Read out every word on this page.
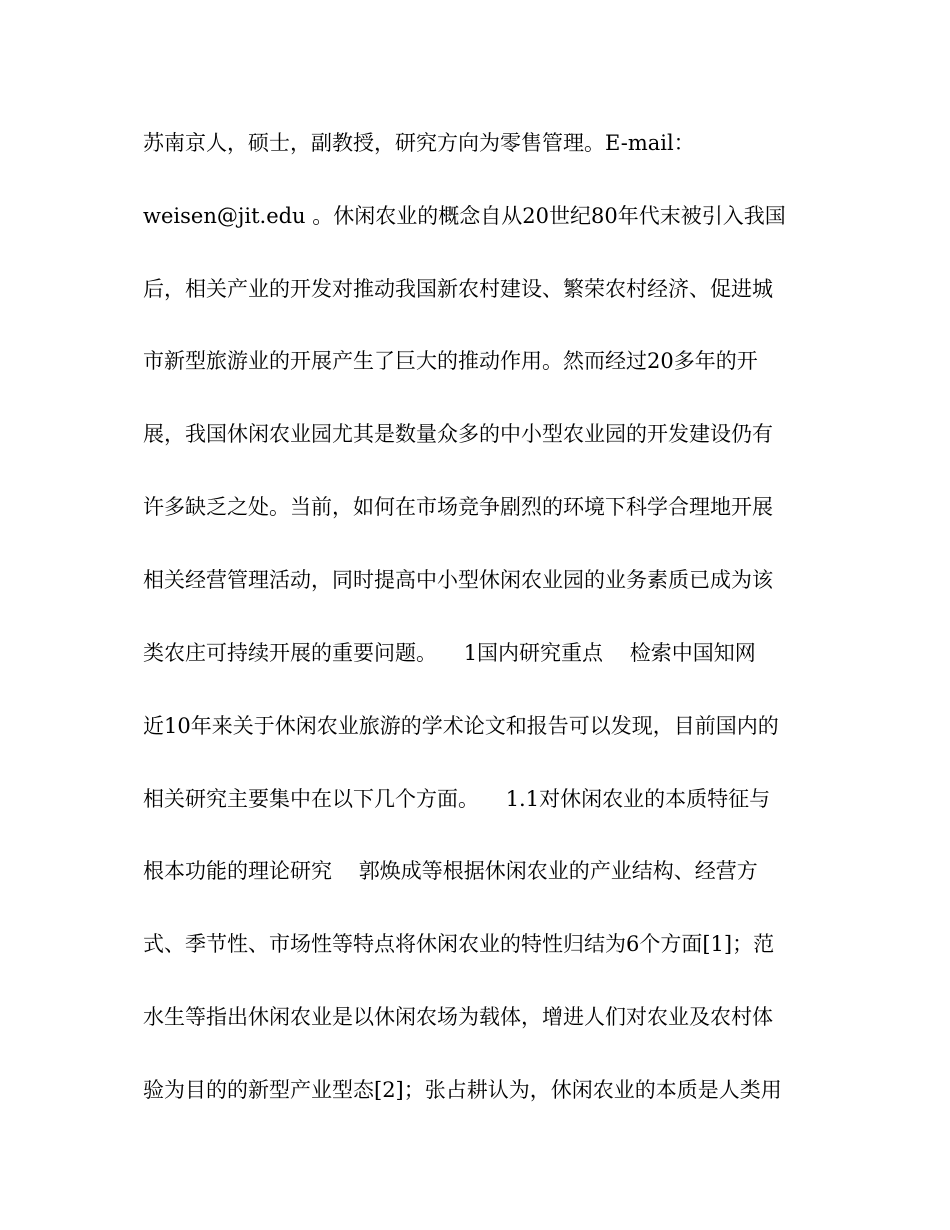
苏南京人，硕士，副教授，研究方向为零售管理。E-mail：
weisen@jit.edu 。休闲农业的概念自从20世纪80年代末被引入我国
后，相关产业的开发对推动我国新农村建设、繁荣农村经济、促进城
市新型旅游业的开展产生了巨大的推动作用。然而经过20多年的开
展，我国休闲农业园尤其是数量众多的中小型农业园的开发建设仍有
许多缺乏之处。当前，如何在市场竞争剧烈的环境下科学合理地开展
相关经营管理活动，同时提高中小型休闲农业园的业务素质已成为该
类农庄可持续开展的重要问题。    1国内研究重点    检索中国知网
近10年来关于休闲农业旅游的学术论文和报告可以发现，目前国内的
相关研究主要集中在以下几个方面。    1.1对休闲农业的本质特征与
根本功能的理论研究    郭焕成等根据休闲农业的产业结构、经营方
式、季节性、市场性等特点将休闲农业的特性归结为6个方面[1]；范
水生等指出休闲农业是以休闲农场为载体，增进人们对农业及农村体
验为目的的新型产业型态[2]；张占耕认为，休闲农业的本质是人类用
